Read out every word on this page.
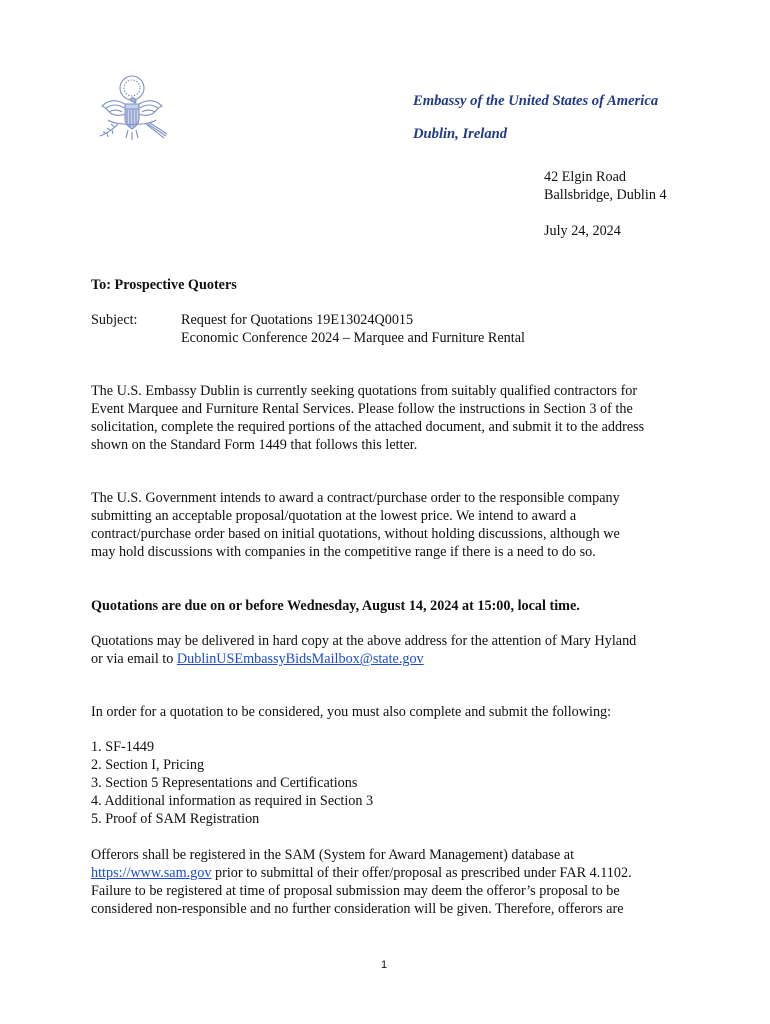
Embassy of the United States of America
Dublin, Ireland
42 Elgin Road
Ballsbridge, Dublin 4
July 24, 2024
To: Prospective Quoters
Subject:	Request for Quotations 19E13024Q0015
Economic Conference 2024 – Marquee and Furniture Rental
The U.S. Embassy Dublin is currently seeking quotations from suitably qualified contractors for
Event Marquee and Furniture Rental Services. Please follow the instructions in Section 3 of the
solicitation, complete the required portions of the attached document, and submit it to the address
shown on the Standard Form 1449 that follows this letter.
The U.S. Government intends to award a contract/purchase order to the responsible company
submitting an acceptable proposal/quotation at the lowest price. We intend to award a
contract/purchase order based on initial quotations, without holding discussions, although we
may hold discussions with companies in the competitive range if there is a need to do so.
Quotations are due on or before Wednesday, August 14, 2024 at 15:00, local time.
Quotations may be delivered in hard copy at the above address for the attention of Mary Hyland
or via email to DublinUSEmbassyBidsMailbox@state.gov
In order for a quotation to be considered, you must also complete and submit the following:
1. SF-1449
2. Section I, Pricing
3. Section 5 Representations and Certifications
4. Additional information as required in Section 3
5. Proof of SAM Registration
Offerors shall be registered in the SAM (System for Award Management) database at
https://www.sam.gov prior to submittal of their offer/proposal as prescribed under FAR 4.1102.
Failure to be registered at time of proposal submission may deem the offeror’s proposal to be
considered non-responsible and no further consideration will be given. Therefore, offerors are
1
